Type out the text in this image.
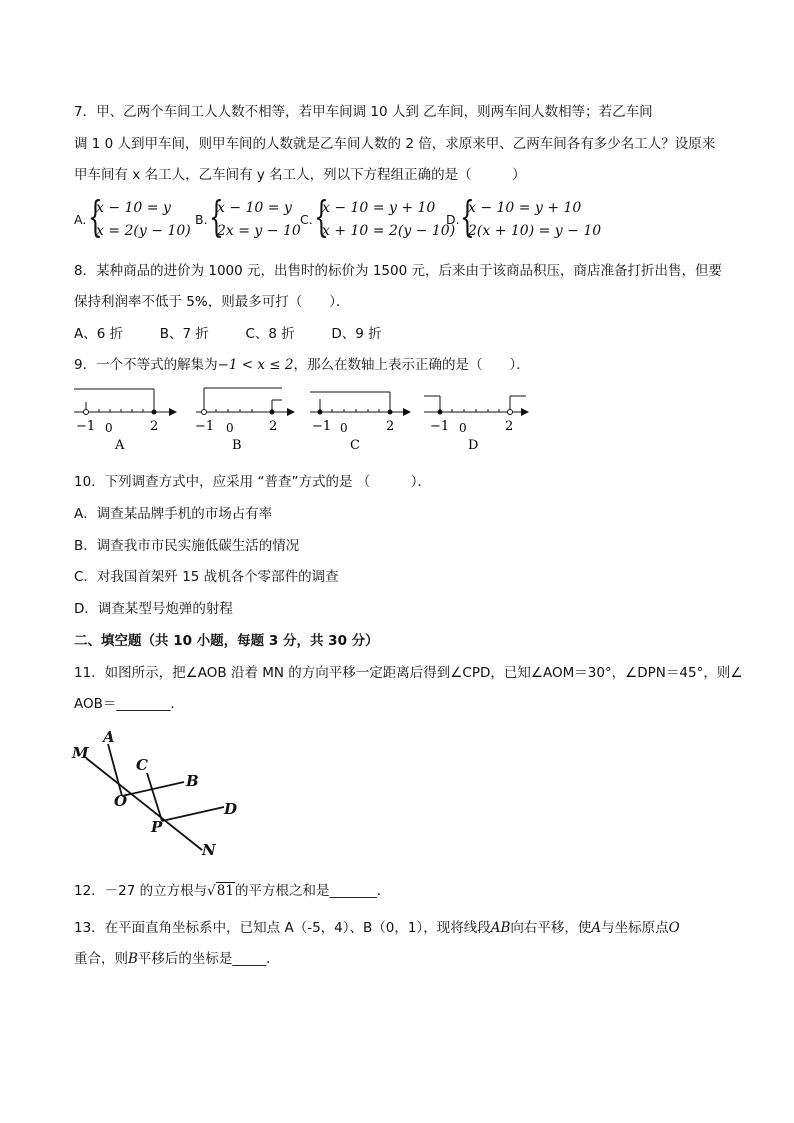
7．甲、乙两个车间工人人数不相等，若甲车间调 10 人到 乙车间，则两车间人数相等；若乙车间
调 1 0 人到甲车间，则甲车间的人数就是乙车间人数的 2 倍，求原来甲、乙两车间各有多少名工人？设原来
甲车间有 x 名工人，乙车间有 y 名工人，列以下方程组正确的是（　　　）
A. {
x − 10 = y
x = 2(y − 10)
B. {
x − 10 = y
2x = y − 10
C. {
x − 10 = y + 10
x + 10 = 2(y − 10)
D. {
x − 10 = y + 10
2(x + 10) = y − 10
8．某种商品的进价为 1000 元，出售时的标价为 1500 元，后来由于该商品积压，商店准备打折出售，但要
保持利润率不低于 5%，则最多可打（　　）．
A、6 折	B、7 折	C、8 折	D、9 折
9．一个不等式的解集为−1 < x ≤ 2，那么在数轴上表示正确的是（　　）．
−1 0	2
A
−1 0	2
B
−1 0	2
C
−1 0	2
D
10．下列调查方式中，应采用 “普查”方式的是 （　　　）．
A．调查某品牌手机的市场占有率
B．调查我市市民实施低碳生活的情况
C．对我国首架歼 15 战机各个零部件的调查
D．调查某型号炮弹的射程
二、填空题（共 10 小题，每题 3 分，共 30 分）
11．如图所示，把∠AOB 沿着 MN 的方向平移一定距离后得到∠CPD，已知∠AOM＝30°，∠DPN＝45°，则∠
AOB＝________．
M
A
C
B
O
P
D
N
12．－27 的立方根与√81的平方根之和是_______．
13．在平面直角坐标系中，已知点 A（-5，4）、B（0，1），现将线段AB向右平移，使A与坐标原点O
重合，则B平移后的坐标是_____．
